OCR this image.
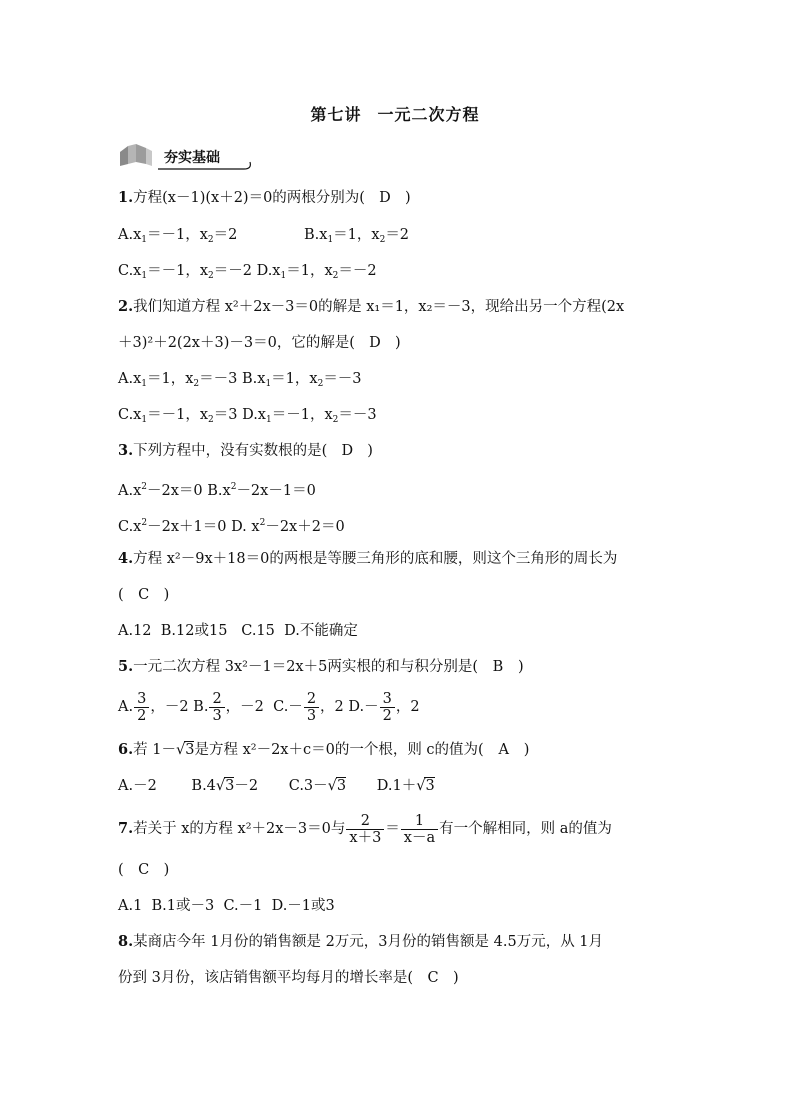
第七讲 一元二次方程
夯实基础
1.方程(x－1)(x＋2)＝0的两根分别为( D )
$A.x_1=-1$，$x_2=2$	$B.x_1=1$，$x_2=2$
$C.x_1=-1$，$x_2=-2$ $D.x_1=1$，$x_2=-2$
2.我们知道方程 x²＋2x－3＝0的解是 x₁＝1，x₂＝－3，现给出另一个方程(2x
＋3)²＋2(2x＋3)－3＝0，它的解是( D )
$A.x_1=1$，$x_2=-3$ $B.x_1=1$，$x_2=-3$
$C.x_1=-1$，$x_2=3$ $D.x_1=-1$，$x_2=-3$
3.下列方程中，没有实数根的是( D )
$A.x^2-2x=0$ $B.x^2-2x-1=0$
$C.x^2-2x+1=0$ D. $x^2-2x+2=0$
4.方程 x²－9x＋18＝0的两根是等腰三角形的底和腰，则这个三角形的周长为
( C )
A.12  B.12或15   C.15  D.不能确定
5.一元二次方程 3x²－1＝2x＋5两实根的和与积分别是( B )
A. $\frac{3}{2}$ ，－2 B. $\frac{2}{3}$ ，－2  $C.- \frac{2}{3}$ ，2 $D.- \frac{3}{2}$ ，2
6.若 1－√3是方程 x²－2x＋c＝0的一个根，则 c的值为( A )
A.－2 B.4√3－2 C.3－√3 D.1＋√3
7.若关于 x的方程 x²＋2x－3＝0与 $\frac{2}{x+3} = \frac{1}{x-a}$ 有一个解相同，则 a的值为
( C )
A.1  B.1或－3  C.－1  D.－1或3
8.某商店今年 1月份的销售额是 2万元，3月份的销售额是 4.5万元，从 1月
份到 3月份，该店销售额平均每月的增长率是( C )
